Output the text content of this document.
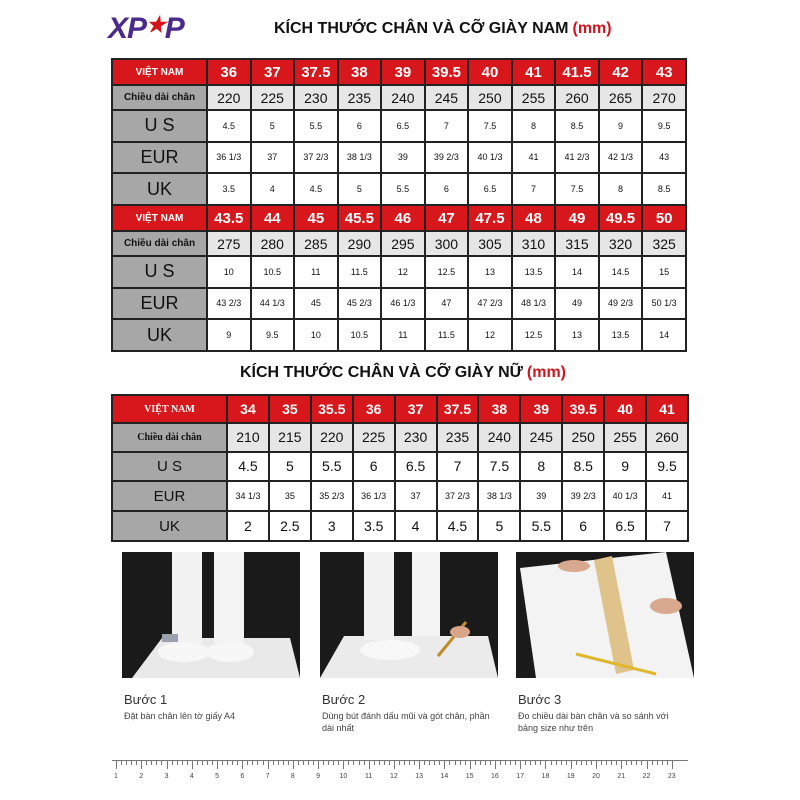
XP★P	KÍCH THƯỚC CHÂN VÀ CỠ GIÀY NAM (mm)
VIỆT NAM	36	37	37.5	38	39	39.5	40	41	41.5	42	43
Chiều dài chân	220	225	230	235	240	245	250	255	260	265	270
U S	4.5	5	5.5	6	6.5	7	7.5	8	8.5	9	9.5
EUR	36 1/3	37	37 2/3	38 1/3	39	39 2/3	40 1/3	41	41 2/3	42 1/3	43
UK	3.5	4	4.5	5	5.5	6	6.5	7	7.5	8	8.5
VIỆT NAM	43.5	44	45	45.5	46	47	47.5	48	49	49.5	50
Chiều dài chân	275	280	285	290	295	300	305	310	315	320	325
U S	10	10.5	11	11.5	12	12.5	13	13.5	14	14.5	15
EUR	43 2/3	44 1/3	45	45 2/3	46 1/3	47	47 2/3	48 1/3	49	49 2/3	50 1/3
UK	9	9.5	10	10.5	11	11.5	12	12.5	13	13.5	14
KÍCH THƯỚC CHÂN VÀ CỠ GIÀY NỮ (mm)
VIỆT NAM	34	35	35.5	36	37	37.5	38	39	39.5	40	41
Chiều dài chân	210	215	220	225	230	235	240	245	250	255	260
U S	4.5	5	5.5	6	6.5	7	7.5	8	8.5	9	9.5
EUR	34 1/3	35	35 2/3	36 1/3	37	37 2/3	38 1/3	39	39 2/3	40 1/3	41
UK	2	2.5	3	3.5	4	4.5	5	5.5	6	6.5	7
Bước 1
Đặt bàn chân lên tờ giấy A4
Bước 2
Dùng bút đánh dấu mũi và gót chân, phần dài nhất
Bước 3
Đo chiều dài bàn chân và so sánh với bảng size như trên
1	2	3	4	5	6	7	8	9	10	11	12 13 14 15 16 17 18 19 20 21 22 23
